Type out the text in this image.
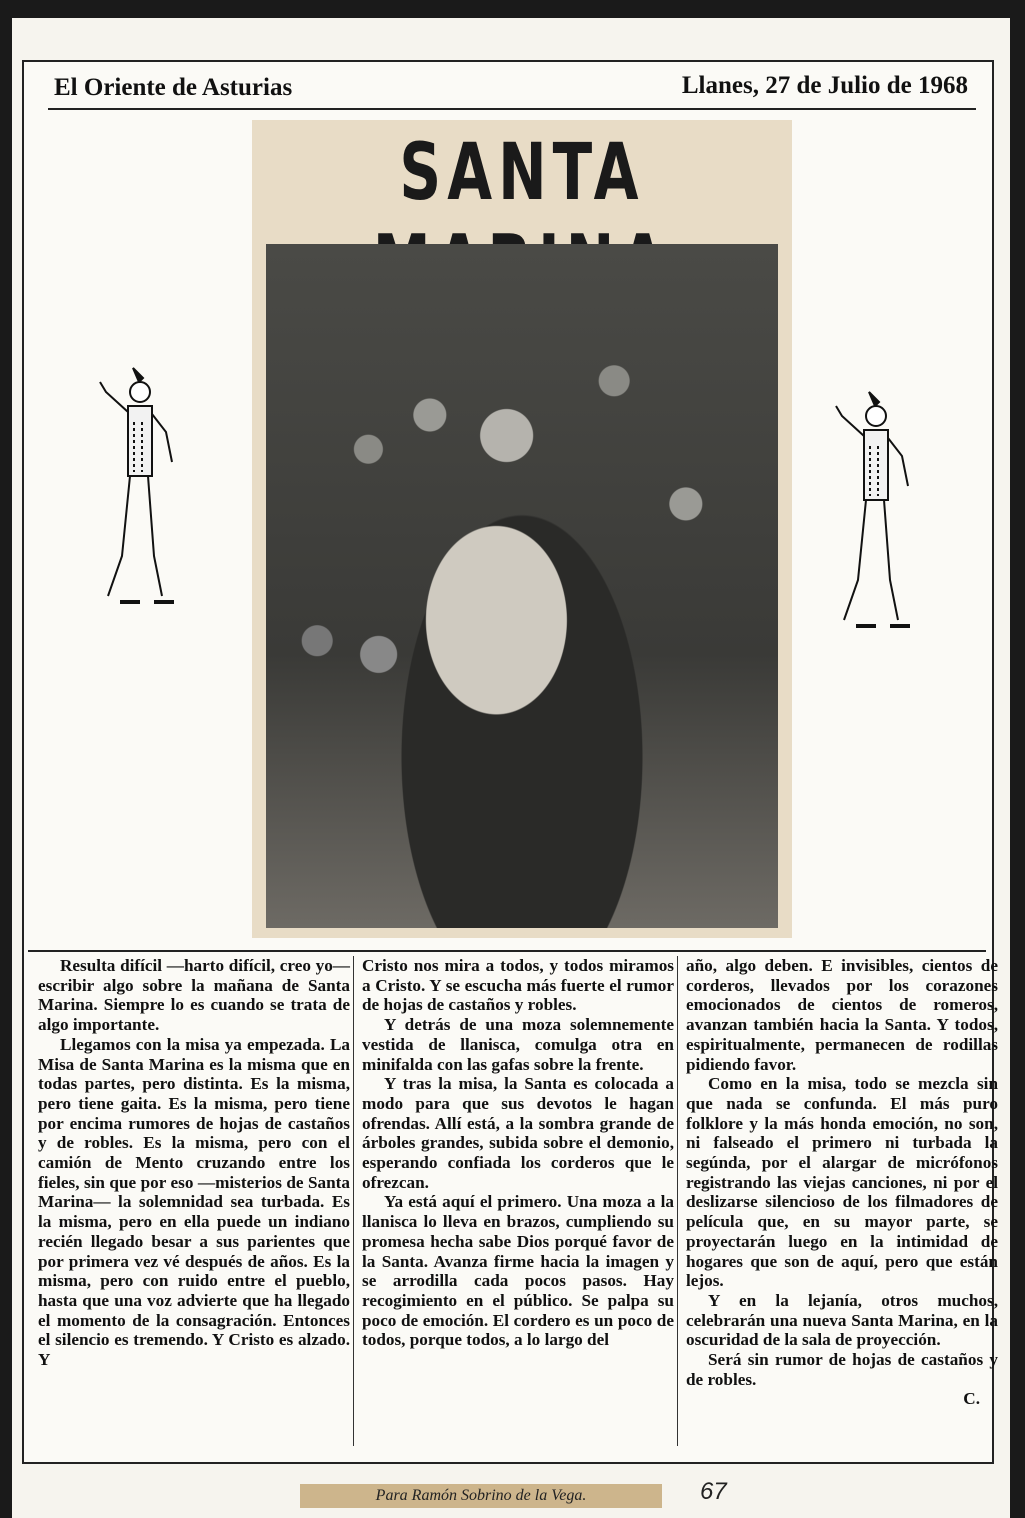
El Oriente de Asturias	Llanes, 27 de Julio de 1968
SANTA

Resulta difícil —harto difícil, creo yo— escribir algo sobre la mañana de Santa Marina. Siempre lo es cuando se trata de algo importante.

Llegamos con la misa ya empezada. La Misa de Santa Marina es la misma que en todas partes, pero distinta. Es la misma, pero tiene gaita. Es la misma, pero tiene por encima rumores de hojas de castaños y de robles. Es la misma, pero con el camión de Mento cruzando entre los fieles, sin que por eso —misterios de Santa Marina— la solemnidad sea turbada. Es la misma, pero en ella puede un indiano recién llegado besar a sus parientes que por primera vez vé después de años. Es la misma, pero con ruido entre el pueblo, hasta que una voz advierte que ha llegado el momento de la consagración. Entonces el silencio es tremendo. Y Cristo es alzado. Y

Cristo nos mira a todos, y todos miramos a Cristo. Y se escucha más fuerte el rumor de hojas de castaños y robles.

Y detrás de una moza solemnemente vestida de llanisca, comulga otra en minifalda con las gafas sobre la frente.

Y tras la misa, la Santa es colocada a modo para que sus devotos le hagan ofrendas. Allí está, a la sombra grande de árboles grandes, subida sobre el demonio, esperando confiada los corderos que le ofrezcan.

Ya está aquí el primero. Una moza a la llanisca lo lleva en brazos, cumpliendo su promesa hecha sabe Dios porqué favor de la Santa. Avanza firme hacia la imagen y se arrodilla cada pocos pasos. Hay recogimiento en el público. Se palpa su poco de emoción. El cordero es un poco de todos, porque todos, a lo largo del

año, algo deben. E invisibles, cientos de corderos, llevados por los corazones emocionados de cientos de romeros, avanzan también hacia la Santa. Y todos, espiritualmente, permanecen de rodillas pidiendo favor.

Como en la misa, todo se mezcla sin que nada se confunda. El más puro folklore y la más honda emoción, no son, ni falseado el primero ni turbada la segúnda, por el alargar de micrófonos registrando las viejas canciones, ni por el deslizarse silencioso de los filmadores de película que, en su mayor parte, se proyectarán luego en la intimidad de hogares que son de aquí, pero que están lejos.

Y en la lejanía, otros muchos, celebrarán una nueva Santa Marina, en la oscuridad de la sala de proyección.

Será sin rumor de hojas de castaños y de robles.

C.

Para Ramón Sobrino de la Vega.	67
